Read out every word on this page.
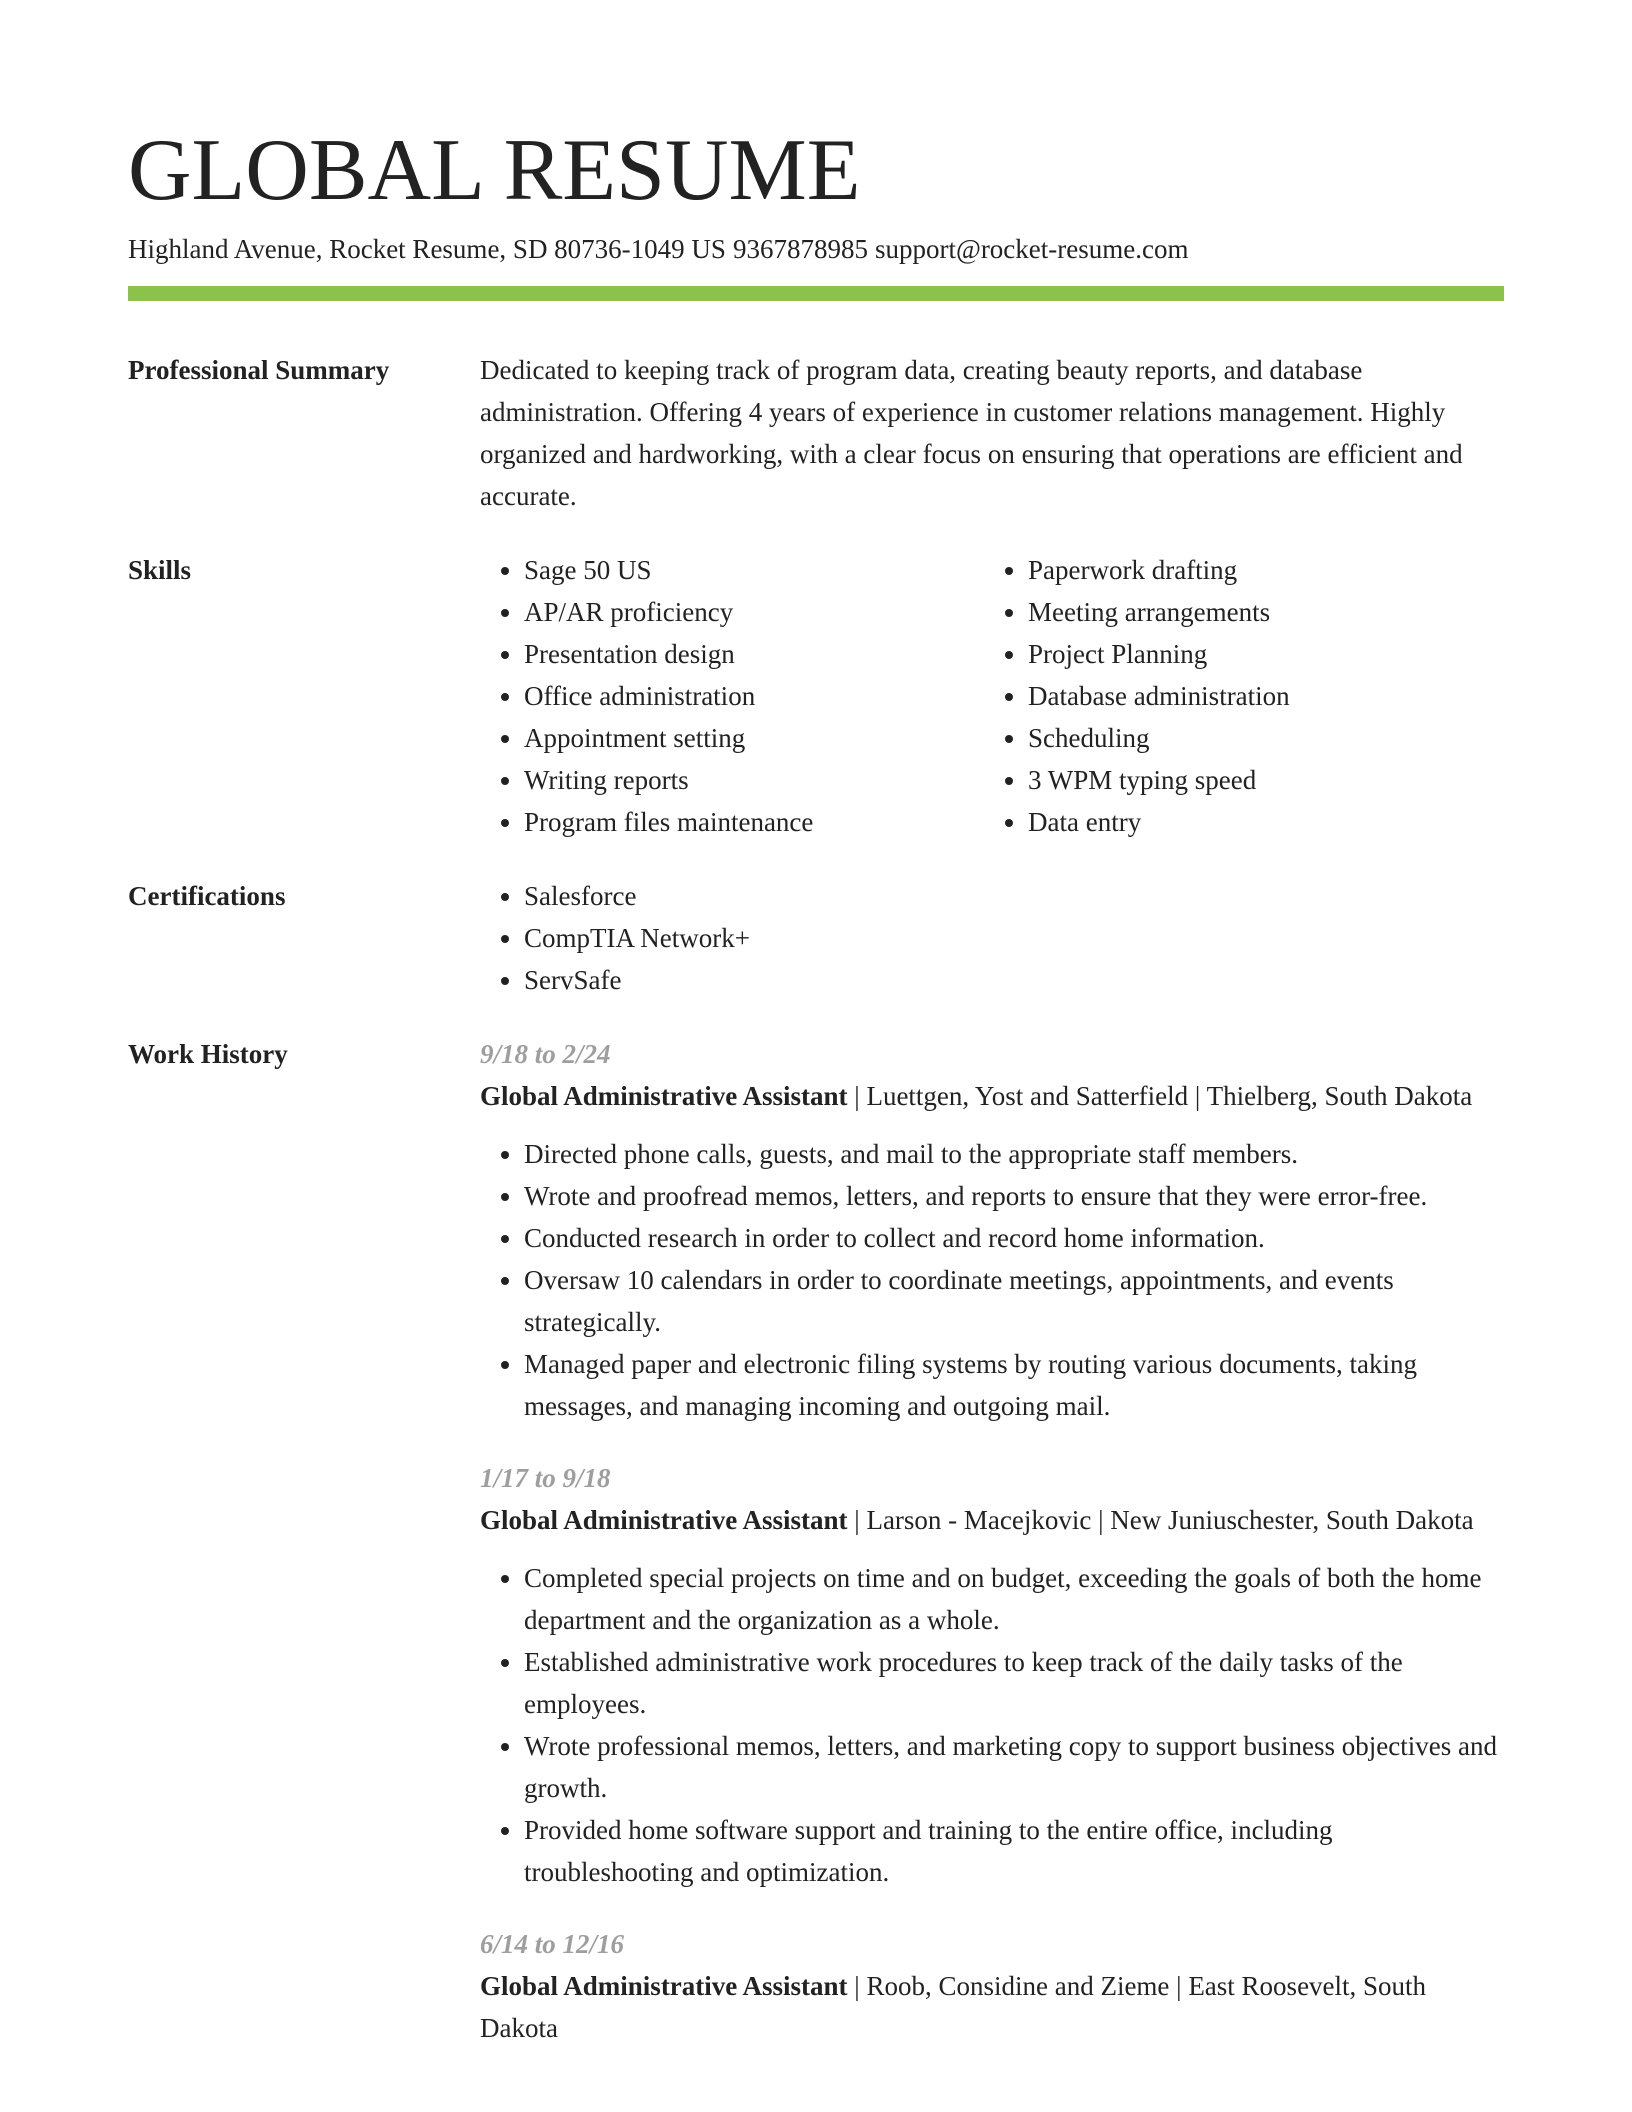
GLOBAL RESUME
Highland Avenue, Rocket Resume, SD 80736-1049 US 9367878985 support@rocket-resume.com
Professional Summary	Dedicated to keeping track of program data, creating beauty reports, and database administration. Offering 4 years of experience in customer relations management. Highly organized and hardworking, with a clear focus on ensuring that operations are efficient and accurate.

Skills	• Sage 50 US
• AP/AR proficiency
• Presentation design
• Office administration
• Appointment setting
• Writing reports
• Program files maintenance
• Paperwork drafting
• Meeting arrangements
• Project Planning
• Database administration
• Scheduling
• 3 WPM typing speed
• Data entry
Certifications	• Salesforce
• CompTIA Network+
• ServSafe
Work History	9/18 to 2/24
Global Administrative Assistant | Luettgen, Yost and Satterfield | Thielberg, South Dakota
• Directed phone calls, guests, and mail to the appropriate staff members.
• Wrote and proofread memos, letters, and reports to ensure that they were error-free.
• Conducted research in order to collect and record home information.
• Oversaw 10 calendars in order to coordinate meetings, appointments, and events strategically.
• Managed paper and electronic filing systems by routing various documents, taking messages, and managing incoming and outgoing mail.
1/17 to 9/18
Global Administrative Assistant | Larson - Macejkovic | New Juniuschester, South Dakota
• Completed special projects on time and on budget, exceeding the goals of both the home department and the organization as a whole.
• Established administrative work procedures to keep track of the daily tasks of the employees.
• Wrote professional memos, letters, and marketing copy to support business objectives and growth.
• Provided home software support and training to the entire office, including troubleshooting and optimization.
6/14 to 12/16
Global Administrative Assistant | Roob, Considine and Zieme | East Roosevelt, South Dakota
